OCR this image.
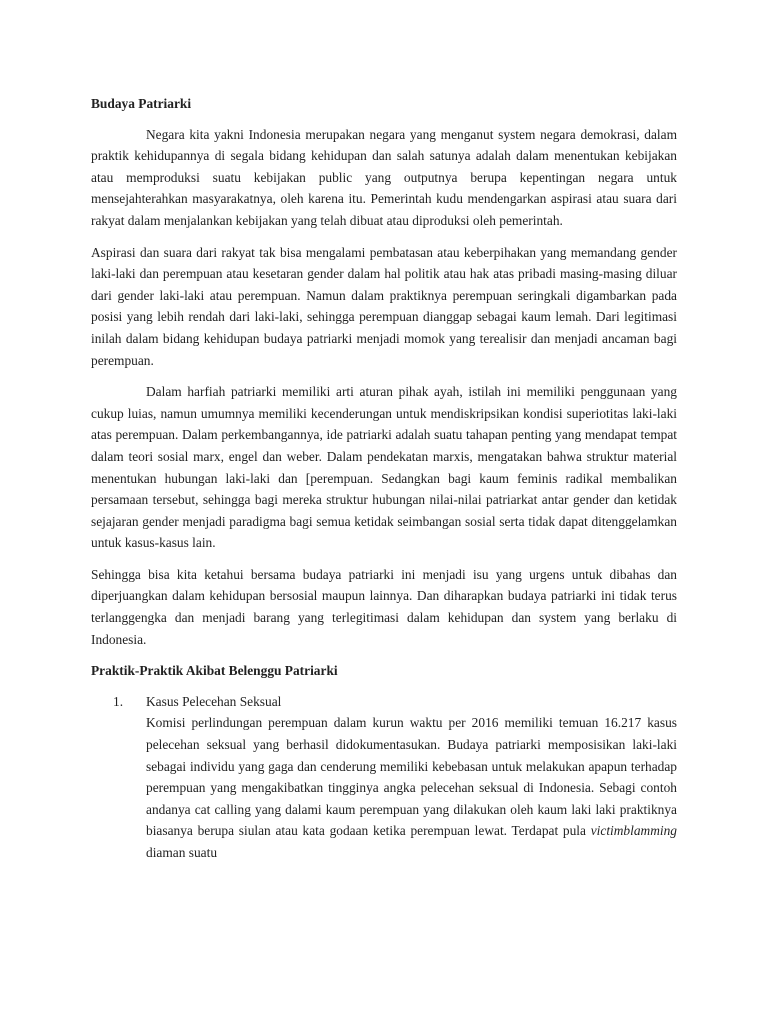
Budaya Patriarki

Negara kita yakni Indonesia merupakan negara yang menganut system negara demokrasi, dalam praktik kehidupannya di segala bidang kehidupan dan salah satunya adalah dalam menentukan kebijakan atau memproduksi suatu kebijakan public yang outputnya berupa kepentingan negara untuk mensejahterahkan masyarakatnya, oleh karena itu. Pemerintah kudu mendengarkan aspirasi atau suara dari rakyat dalam menjalankan kebijakan yang telah dibuat atau diproduksi oleh pemerintah.

Aspirasi dan suara dari rakyat tak bisa mengalami pembatasan atau keberpihakan yang memandang gender laki-laki dan perempuan atau kesetaran gender dalam hal politik atau hak atas pribadi masing-masing diluar dari gender laki-laki atau perempuan. Namun dalam praktiknya perempuan seringkali digambarkan pada posisi yang lebih rendah dari laki-laki, sehingga perempuan dianggap sebagai kaum lemah. Dari legitimasi inilah dalam bidang kehidupan budaya patriarki menjadi momok yang terealisir dan menjadi ancaman bagi perempuan.

Dalam harfiah patriarki memiliki arti aturan pihak ayah, istilah ini memiliki penggunaan yang cukup luias, namun umumnya memiliki kecenderungan untuk mendiskripsikan kondisi superiotitas laki-laki atas perempuan. Dalam perkembangannya, ide patriarki adalah suatu tahapan penting yang mendapat tempat dalam teori sosial marx, engel dan weber. Dalam pendekatan marxis, mengatakan bahwa struktur material menentukan hubungan laki-laki dan [perempuan. Sedangkan bagi kaum feminis radikal membalikan persamaan tersebut, sehingga bagi mereka struktur hubungan nilai-nilai patriarkat antar gender dan ketidak sejajaran gender menjadi paradigma bagi semua ketidak seimbangan sosial serta tidak dapat ditenggelamkan untuk kasus-kasus lain.

Sehingga bisa kita ketahui bersama budaya patriarki ini menjadi isu yang urgens untuk dibahas dan diperjuangkan dalam kehidupan bersosial maupun lainnya. Dan diharapkan budaya patriarki ini tidak terus terlanggengka dan menjadi barang yang terlegitimasi dalam kehidupan dan system yang berlaku di Indonesia.

Praktik-Praktik Akibat Belenggu Patriarki
1. Kasus Pelecehan Seksual

Komisi perlindungan perempuan dalam kurun waktu per 2016 memiliki temuan 16.217 kasus pelecehan seksual yang berhasil didokumentasukan. Budaya patriarki memposisikan laki-laki sebagai individu yang gaga dan cenderung memiliki kebebasan untuk melakukan apapun terhadap perempuan yang mengakibatkan tingginya angka pelecehan seksual di Indonesia. Sebagi contoh andanya cat calling yang dalami kaum perempuan yang dilakukan oleh kaum laki laki praktiknya biasanya berupa siulan atau kata godaan ketika perempuan lewat. Terdapat pula victimblamming diaman suatu
